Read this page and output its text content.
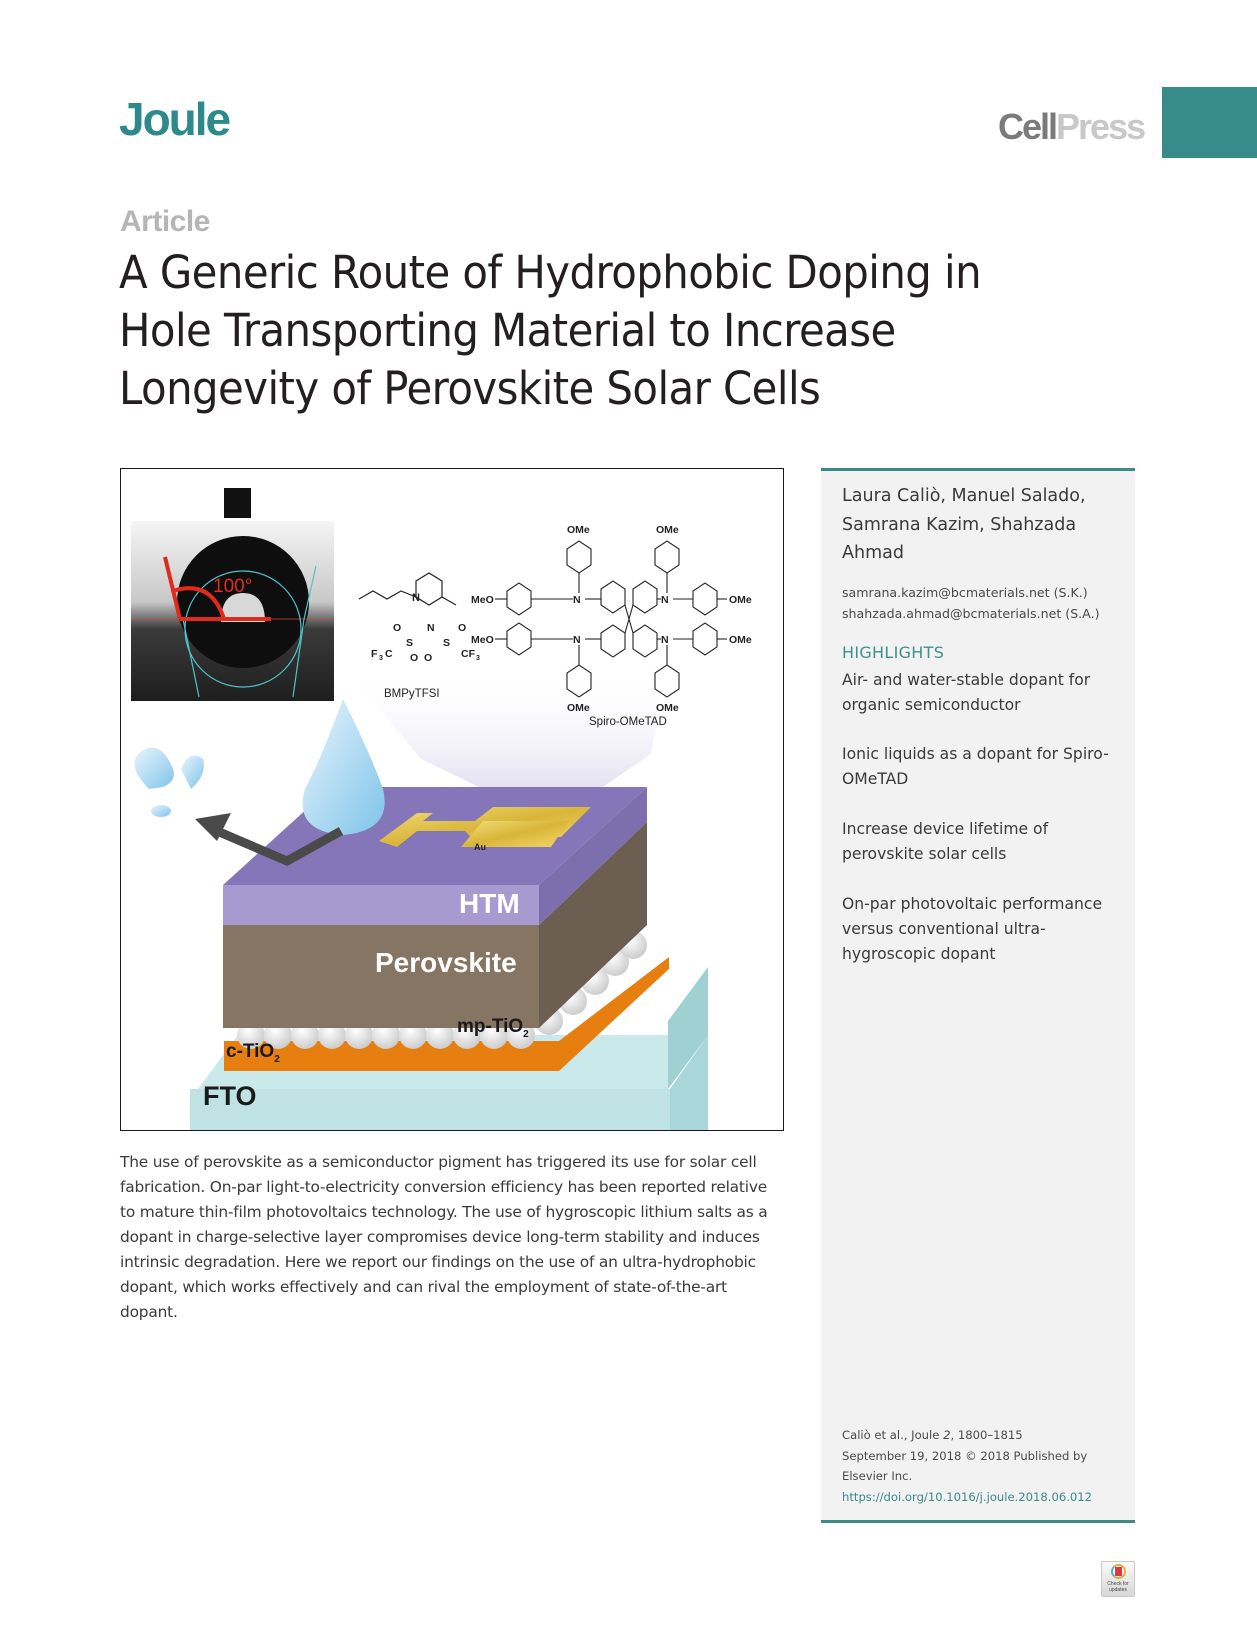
Joule	CellPress
Article
A Generic Route of Hydrophobic Doping in
Hole Transporting Material to Increase
Longevity of Perovskite Solar Cells
100°
N
O N O
S	S
F 3 C O O	CF 3
BMPyTFSI
N	N
N	N
OMe	OMe
MeO	OMe
MeO	OMe
OMe	OMe
Spiro-OMeTAD
Au
HTM
Perovskite
mp-TiO$_2$
c-TiO$_2$
FTO

The use of perovskite as a semiconductor pigment has triggered its use for solar cell fabrication. On-par light-to-electricity conversion efficiency has been reported relative to mature thin-film photovoltaics technology. The use of hygroscopic lithium salts as a dopant in charge-selective layer compromises device long-term stability and induces intrinsic degradation. Here we report our findings on the use of an ultra-hydrophobic dopant, which works effectively and can rival the employment of state-of-the-art dopant.

Laura Caliò, Manuel Salado, Samrana Kazim, Shahzada Ahmad

samrana.kazim@bcmaterials.net (S.K.)
shahzada.ahmad@bcmaterials.net (S.A.)
HIGHLIGHTS

Air- and water-stable dopant for organic semiconductor

Ionic liquids as a dopant for Spiro-OMeTAD

Increase device lifetime of perovskite solar cells

On-par photovoltaic performance versus conventional ultra-hygroscopic dopant

Caliò et al., Joule 2, 1800–1815
September 19, 2018 © 2018 Published by Elsevier Inc.
https://doi.org/10.1016/j.joule.2018.06.012
Check for updates
